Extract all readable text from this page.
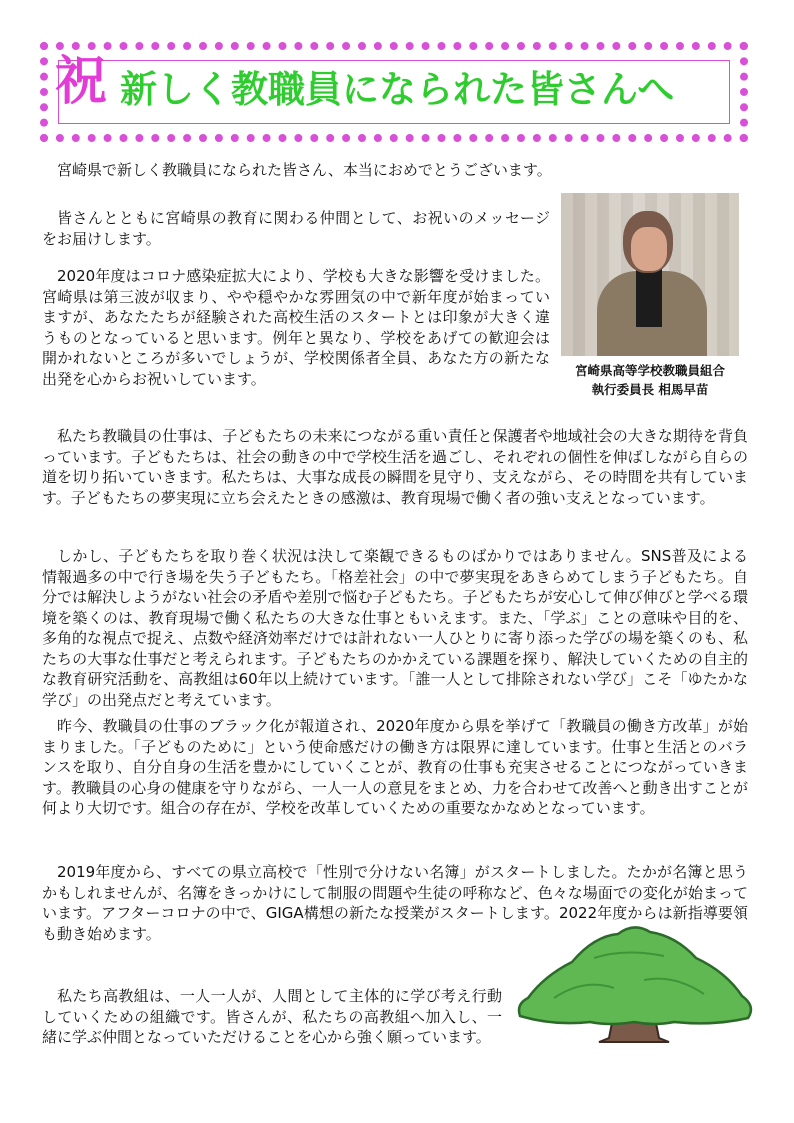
祝 新しく教職員になられた皆さんへ

宮崎県で新しく教職員になられた皆さん、本当におめでとうございます。

皆さんとともに宮崎県の教育に関わる仲間として、お祝いのメッセージをお届けします。

2020年度はコロナ感染症拡大により、学校も大きな影響を受けました。宮崎県は第三波が収まり、やや穏やかな雰囲気の中で新年度が始まっていますが、あなたたちが経験された高校生活のスタートとは印象が大きく違うものとなっていると思います。例年と異なり、学校をあげての歓迎会は開かれないところが多いでしょうが、学校関係者全員、あなた方の新たな出発を心からお祝いしています。	宮崎県高等学校教職員組合
執行委員長 相馬早苗

私たち教職員の仕事は、子どもたちの未来につながる重い責任と保護者や地域社会の大きな期待を背負っています。子どもたちは、社会の動きの中で学校生活を過ごし、それぞれの個性を伸ばしながら自らの道を切り拓いていきます。私たちは、大事な成長の瞬間を見守り、支えながら、その時間を共有しています。子どもたちの夢実現に立ち会えたときの感激は、教育現場で働く者の強い支えとなっています。

しかし、子どもたちを取り巻く状況は決して楽観できるものばかりではありません。SNS普及による情報過多の中で行き場を失う子どもたち。「格差社会」の中で夢実現をあきらめてしまう子どもたち。自分では解決しようがない社会の矛盾や差別で悩む子どもたち。子どもたちが安心して伸び伸びと学べる環境を築くのは、教育現場で働く私たちの大きな仕事ともいえます。また、「学ぶ」ことの意味や目的を、多角的な視点で捉え、点数や経済効率だけでは計れない一人ひとりに寄り添った学びの場を築くのも、私たちの大事な仕事だと考えられます。子どもたちのかかえている課題を探り、解決していくための自主的な教育研究活動を、高教組は60年以上続けています。「誰一人として排除されない学び」こそ「ゆたかな学び」の出発点だと考えています。

昨今、教職員の仕事のブラック化が報道され、2020年度から県を挙げて「教職員の働き方改革」が始まりました。「子どものために」という使命感だけの働き方は限界に達しています。仕事と生活とのバランスを取り、自分自身の生活を豊かにしていくことが、教育の仕事も充実させることにつながっていきます。教職員の心身の健康を守りながら、一人一人の意見をまとめ、力を合わせて改善へと動き出すことが何より大切です。組合の存在が、学校を改革していくための重要なかなめとなっています。

2019年度から、すべての県立高校で「性別で分けない名簿」がスタートしました。たかが名簿と思うかもしれませんが、名簿をきっかけにして制服の問題や生徒の呼称など、色々な場面での変化が始まっています。アフターコロナの中で、GIGA構想の新たな授業がスタートします。2022年度からは新指導要領も動き始めます。

私たち高教組は、一人一人が、人間として主体的に学び考え行動していくための組織です。皆さんが、私たちの高教組へ加入し、一緒に学ぶ仲間となっていただけることを心から強く願っています。
